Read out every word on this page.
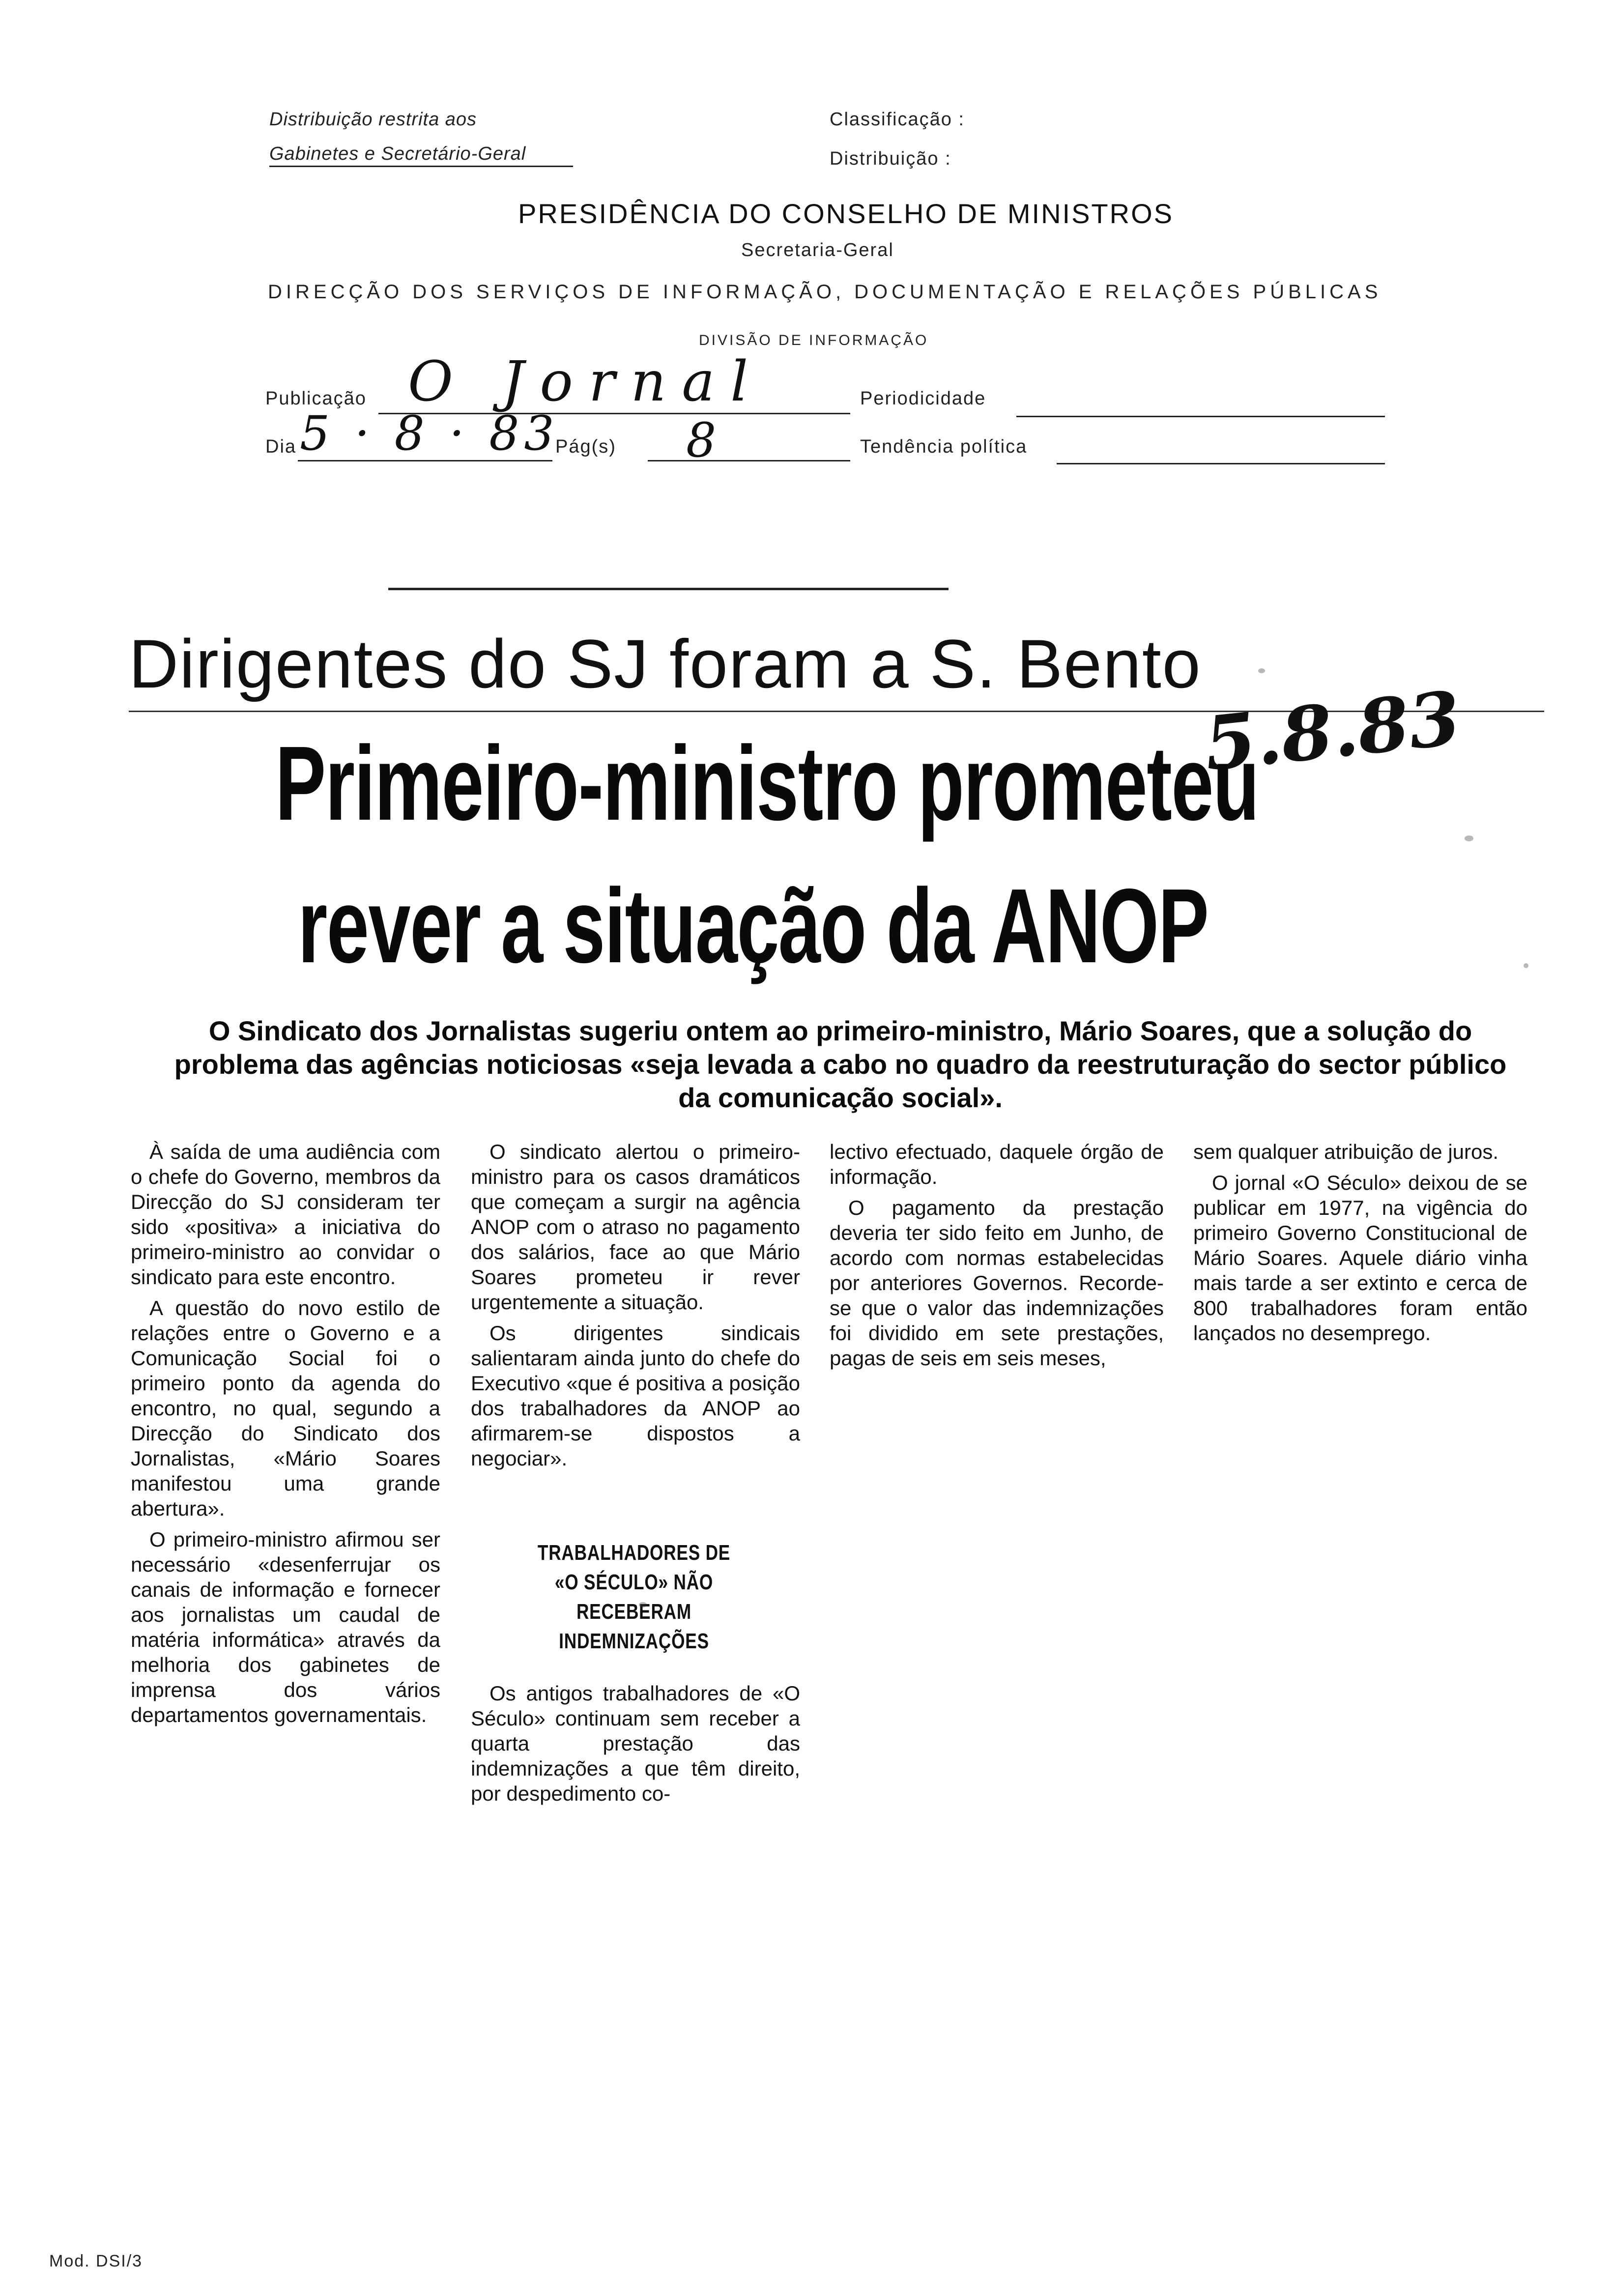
Distribuição restrita aos
Gabinetes e Secretário-Geral
Classificação :
Distribuição :
PRESIDÊNCIA DO CONSELHO DE MINISTROS
Secretaria-Geral
DIRECÇÃO DOS SERVIÇOS DE INFORMAÇÃO, DOCUMENTAÇÃO E RELAÇÕES PÚBLICAS
DIVISÃO DE INFORMAÇÃO
Publicação O Jornal	Periodicidade
Dia 5 · 8 · 83
Pág(s) 8	Tendência política
Dirigentes do SJ foram a S. Bento
5.8.83
Primeiro-ministro prometeu
rever a situação da ANOP
O Sindicato dos Jornalistas sugeriu ontem ao primeiro-ministro, Mário Soares, que a solução do problema das agências noticiosas «seja levada a cabo no quadro da reestruturação do sector público da comunicação social».

À saída de uma audiência com o chefe do Governo, membros da Direcção do SJ consideram ter sido «positiva» a iniciativa do primeiro-ministro ao convidar o sindicato para este encontro.

A questão do novo estilo de relações entre o Governo e a Comunicação Social foi o primeiro ponto da agenda do encontro, no qual, segundo a Direcção do Sindicato dos Jornalistas, «Mário Soares manifestou uma grande abertura».

O primeiro-ministro afirmou ser necessário «desenferrujar os canais de informação e fornecer aos jornalistas um caudal de matéria informática» através da melhoria dos gabinetes de imprensa dos vários departamentos governamentais.

O sindicato alertou o primeiro-ministro para os casos dramáticos que começam a surgir na agência ANOP com o atraso no pagamento dos salários, face ao que Mário Soares prometeu ir rever urgentemente a situação.

Os dirigentes sindicais salientaram ainda junto do chefe do Executivo «que é positiva a posição dos trabalhadores da ANOP ao afirmarem-se dispostos a negociar».

TRABALHADORES DE «O SÉCULO» NÃO RECEBERAM INDEMNIZAÇÕES

Os antigos trabalhadores de «O Século» continuam sem receber a quarta prestação das indemnizações a que têm direito, por despedimento co-

lectivo efectuado, daquele órgão de informação.

O pagamento da prestação deveria ter sido feito em Junho, de acordo com normas estabelecidas por anteriores Governos. Recorde-se que o valor das indemnizações foi dividido em sete prestações, pagas de seis em seis meses,

sem qualquer atribuição de juros.

O jornal «O Século» deixou de se publicar em 1977, na vigência do primeiro Governo Constitucional de Mário Soares. Aquele diário vinha mais tarde a ser extinto e cerca de 800 trabalhadores foram então lançados no desemprego.

Mod. DSI/3
